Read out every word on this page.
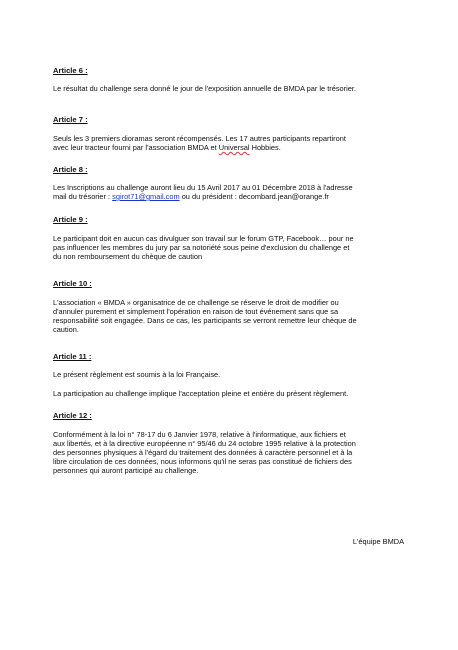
Article 6 :
Le résultat du challenge sera donné le jour de l'exposition annuelle de BMDA par le trésorier.
Article 7 :
Seuls les 3 premiers dioramas seront récompensés. Les 17 autres participants repartiront
avec leur tracteur fourni par l'association BMDA et Universal Hobbies.
Article 8 :
Les Inscriptions au challenge auront lieu du 15 Avril 2017 au 01 Décembre 2018 à l'adresse
mail du trésorier : sgirot71@gmail.com ou du président : decombard.jean@orange.fr
Article 9 :
Le participant doit en aucun cas divulguer son travail sur le forum GTP, Facebook… pour ne
pas influencer les membres du jury par sa notoriété sous peine d'exclusion du challenge et
du non remboursement du chèque de caution
Article 10 :
L'association « BMDA » organisatrice de ce challenge se réserve le droit de modifier ou
d'annuler purement et simplement l'opération en raison de tout événement sans que sa
responsabilité soit engagée. Dans ce cas, les participants se verront remettre leur chèque de
caution.
Article 11 :
Le présent règlement est soumis à la loi Française.
La participation au challenge implique l'acceptation pleine et entière du présent règlement.
Article 12 :
Conformément à la loi n° 78-17 du 6 Janvier 1978, relative à l'informatique, aux fichiers et
aux libertés, et à la directive européenne n° 95/46 du 24 octobre 1995 relative à la protection
des personnes physiques à l'égard du traitement des données à caractère personnel et à la
libre circulation de ces données, nous informons qu'il ne seras pas constitué de fichiers des
personnes qui auront participé au challenge.
L'équipe BMDA
